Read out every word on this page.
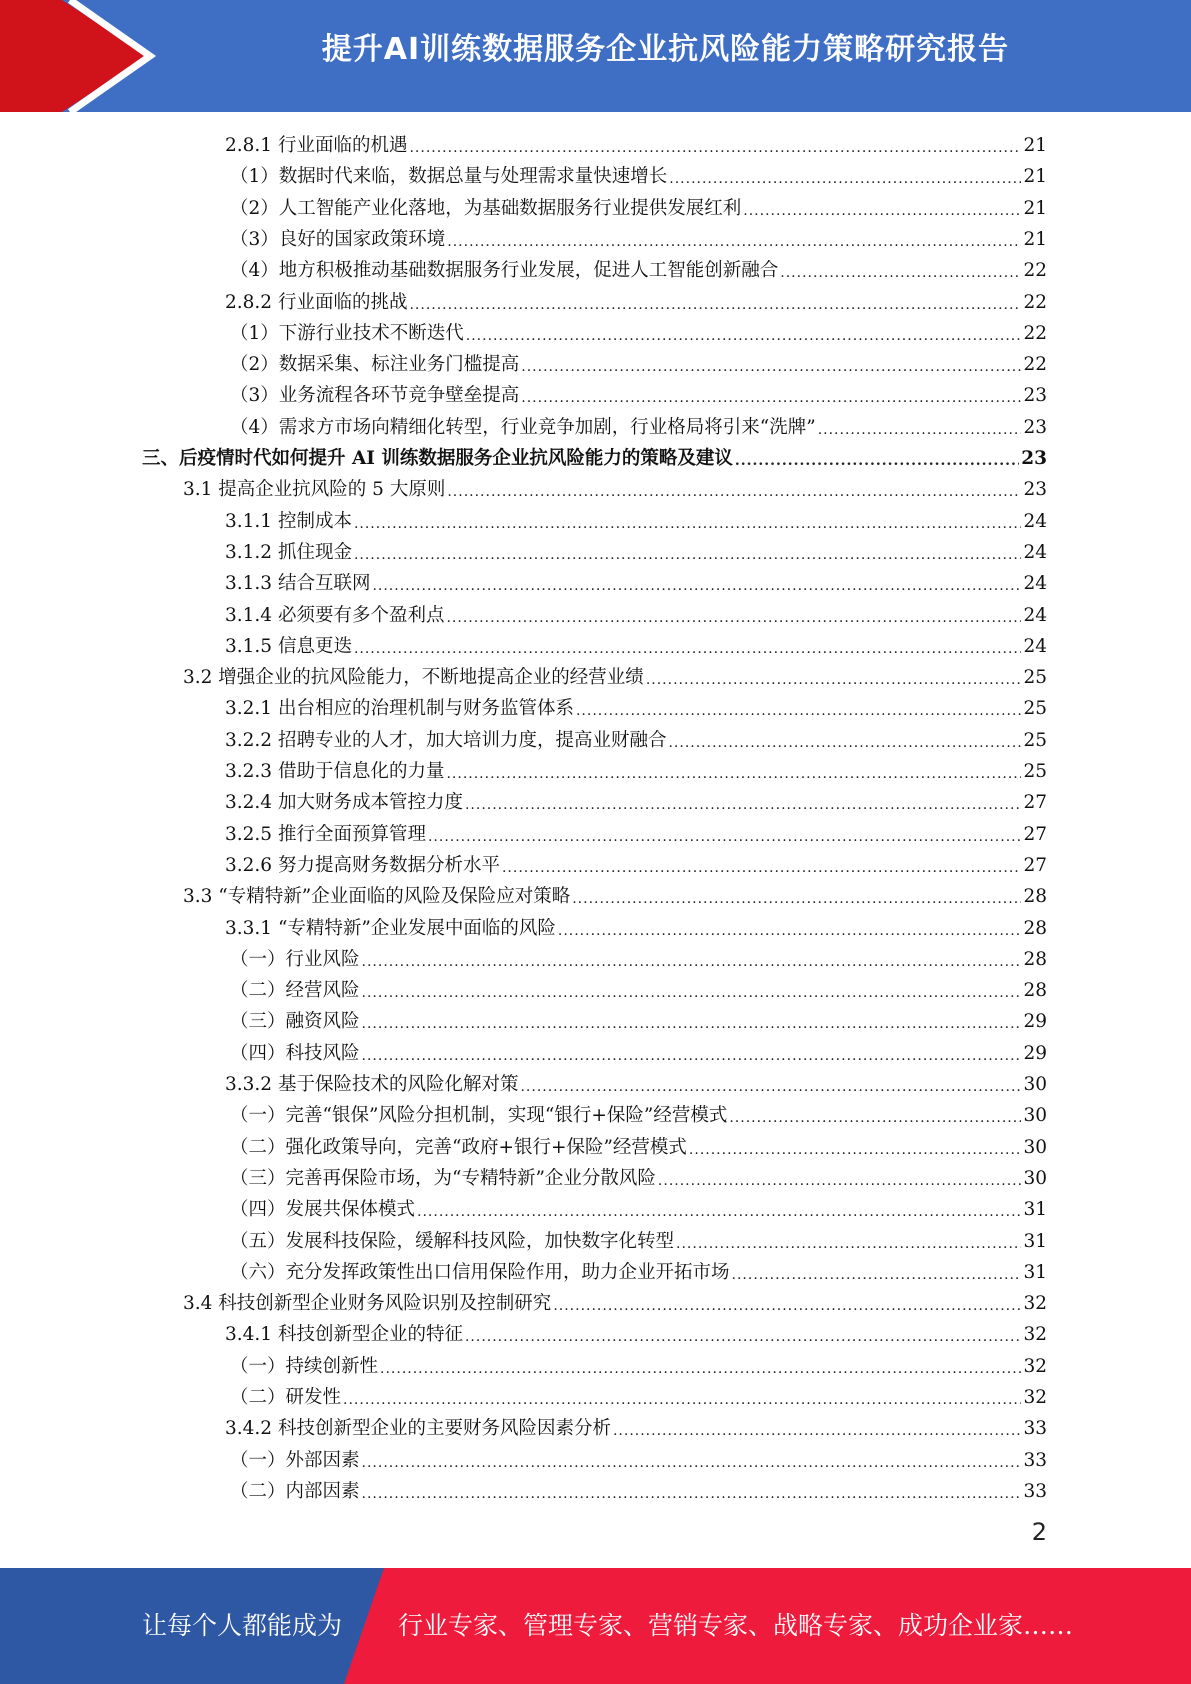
提升AI训练数据服务企业抗风险能力策略研究报告
2.8.1 行业面临的机遇 .....	21
（1）数据时代来临，数据总量与处理需求量快速增长 .....	21
（2）人工智能产业化落地，为基础数据服务行业提供发展红利 .....	21
（3）良好的国家政策环境 .....	21
（4）地方积极推动基础数据服务行业发展，促进人工智能创新融合 .....	22
2.8.2 行业面临的挑战 .....	22
（1）下游行业技术不断迭代 .....	22
（2）数据采集、标注业务门槛提高 .....	22
（3）业务流程各环节竞争壁垒提高 .....	23
（4）需求方市场向精细化转型，行业竞争加剧，行业格局将引来“洗牌” .....	23
三、后疫情时代如何提升 AI 训练数据服务企业抗风险能力的策略及建议 .....	23
3.1 提高企业抗风险的 5 大原则 .....	23
3.1.1 控制成本 .....	24
3.1.2 抓住现金 .....	24
3.1.3 结合互联网 .....	24
3.1.4 必须要有多个盈利点 .....	24
3.1.5 信息更迭 .....	24
3.2 增强企业的抗风险能力，不断地提高企业的经营业绩 .....	25
3.2.1 出台相应的治理机制与财务监管体系 .....	25
3.2.2 招聘专业的人才，加大培训力度，提高业财融合 .....	25
3.2.3 借助于信息化的力量 .....	25
3.2.4 加大财务成本管控力度 .....	27
3.2.5 推行全面预算管理 .....	27
3.2.6 努力提高财务数据分析水平 .....	27
3.3 “专精特新”企业面临的风险及保险应对策略 .....	28
3.3.1 “专精特新”企业发展中面临的风险 .....	28
（一）行业风险 .....	28
（二）经营风险 .....	28
（三）融资风险 .....	29
（四）科技风险 .....	29
3.3.2 基于保险技术的风险化解对策 .....	30
（一）完善“银保”风险分担机制，实现“银行+保险”经营模式 .....	30
（二）强化政策导向，完善“政府+银行+保险”经营模式 .....	30
（三）完善再保险市场，为“专精特新”企业分散风险 .....	30
（四）发展共保体模式 .....	31
（五）发展科技保险，缓解科技风险，加快数字化转型 .....	31
（六）充分发挥政策性出口信用保险作用，助力企业开拓市场 .....	31
3.4 科技创新型企业财务风险识别及控制研究 .....	32
3.4.1 科技创新型企业的特征 .....	32
（一）持续创新性 .....	32
（二）研发性 .....	32
3.4.2 科技创新型企业的主要财务风险因素分析 .....	33
（一）外部因素 .....	33
（二）内部因素 .....	33
2
让每个人都能成为 行业专家、管理专家、营销专家、战略专家、成功企业家……
